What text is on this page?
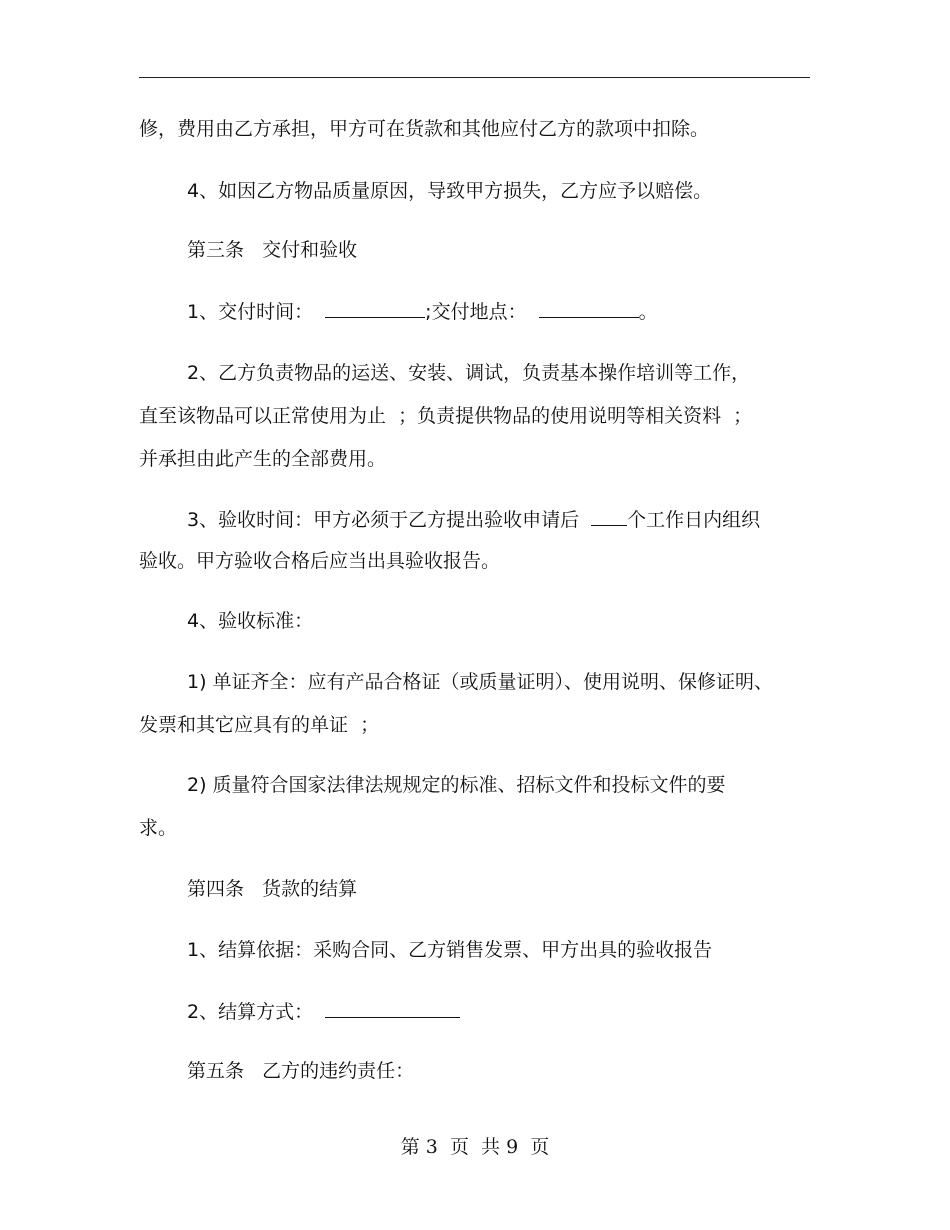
修，费用由乙方承担，甲方可在货款和其他应付乙方的款项中扣除。
4、如因乙方物品质量原因，导致甲方损失，乙方应予以赔偿。
第三条   交付和验收
1、交付时间：	;交付地点：	。
2、乙方负责物品的运送、安装、调试，负责基本操作培训等工作，
直至该物品可以正常使用为止  ；负责提供物品的使用说明等相关资料  ；
并承担由此产生的全部费用。
3、验收时间：甲方必须于乙方提出验收申请后  个工作日内组织
验收。甲方验收合格后应当出具验收报告。
4、验收标准：
1) 单证齐全：应有产品合格证（或质量证明）、使用说明、保修证明、
发票和其它应具有的单证  ；
2) 质量符合国家法律法规规定的标准、招标文件和投标文件的要
求。
第四条   货款的结算
1、结算依据：采购合同、乙方销售发票、甲方出具的验收报告
2、结算方式：
第五条   乙方的违约责任：
第 3  页  共 9  页
